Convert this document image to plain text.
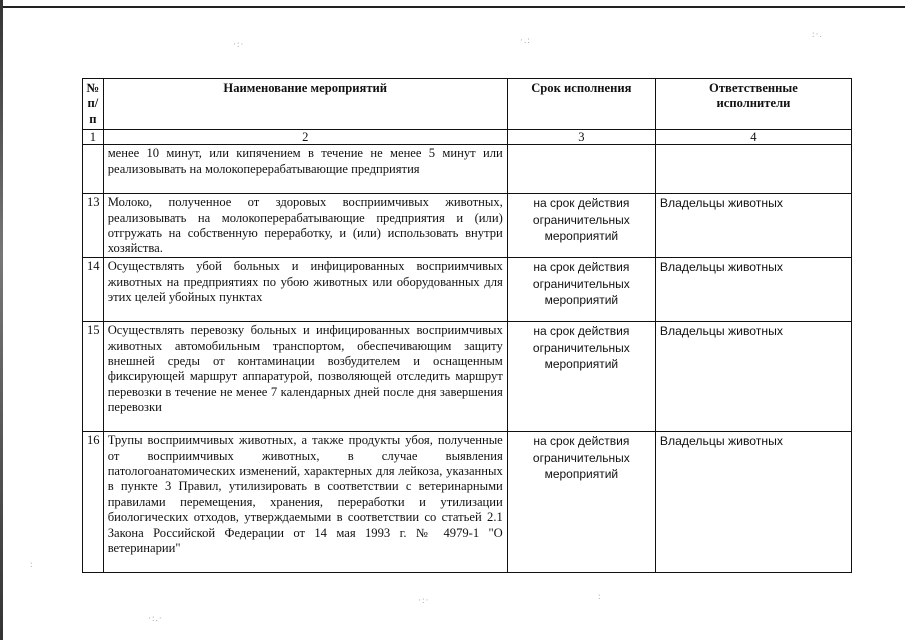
·:·	·.:
:·.
·:·	:
·:.·
:
№ п/п	Наименование мероприятий	Срок исполнения	Ответственные исполнители
1	2	3	4
	менее 10 минут, или кипячением в течение не менее 5 минут или реализовывать на молокоперерабатывающие предприятия		
13	Молоко, полученное от здоровых восприимчивых животных, реализовывать на молокоперерабатывающие предприятия и (или) отгружать на собственную переработку, и (или) использовать внутри хозяйства.	на срок действия ограничительных мероприятий	Владельцы животных
14	Осуществлять убой больных и инфицированных восприимчивых животных на предприятиях по убою животных или оборудованных для этих целей убойных пунктах	на срок действия ограничительных мероприятий	Владельцы животных
15	Осуществлять перевозку больных и инфицированных восприимчивых животных автомобильным транспортом, обеспечивающим защиту внешней среды от контаминации возбудителем и оснащенным фиксирующей маршрут аппаратурой, позволяющей отследить маршрут перевозки в течение не менее 7 календарных дней после дня завершения перевозки	на срок действия ограничительных мероприятий	Владельцы животных
16	Трупы восприимчивых животных, а также продукты убоя, полученные от восприимчивых животных, в случае выявления патологоанатомических изменений, характерных для лейкоза, указанных в пункте 3 Правил, утилизировать в соответствии с ветеринарными правилами перемещения, хранения, переработки и утилизации биологических отходов, утверждаемыми в соответствии со статьей 2.1 Закона Российской Федерации от 14 мая 1993 г. № 4979-1 "О ветеринарии"	на срок действия ограничительных мероприятий	Владельцы животных
